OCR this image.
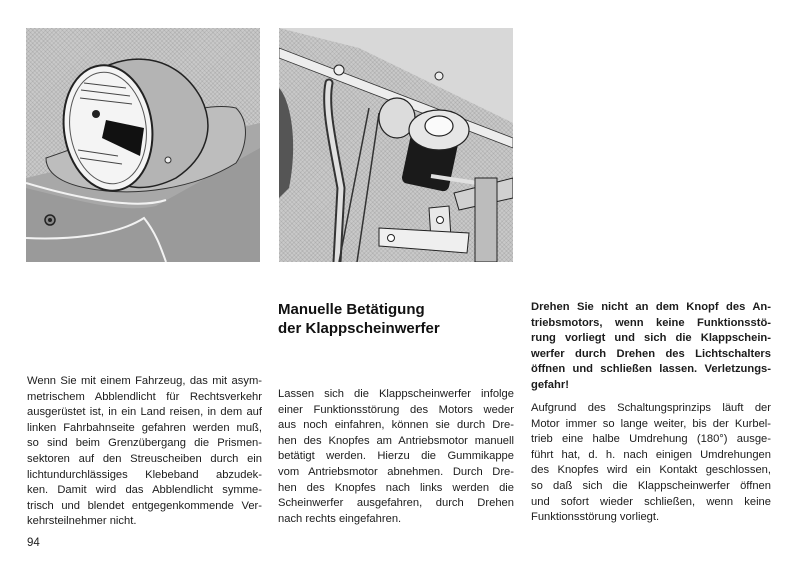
Manuelle Betätigung
der Klappscheinwerfer

Wenn Sie mit einem Fahrzeug, das mit asym-
metrischem Abblendlicht für Rechtsverkehr
ausgerüstet ist, in ein Land reisen, in dem auf
linken Fahrbahnseite gefahren werden muß,
so sind beim Grenzübergang die Prismen-
sektoren auf den Streuscheiben durch ein
lichtundurchlässiges Klebeband abzudek-
ken. Damit wird das Abblendlicht symme-
trisch und blendet entgegenkommende Ver-
kehrsteilnehmer nicht.

Lassen sich die Klappscheinwerfer infolge
einer Funktionsstörung des Motors weder
aus noch einfahren, können sie durch Dre-
hen des Knopfes am Antriebsmotor manuell
betätigt werden. Hierzu die Gummikappe
vom Antriebsmotor abnehmen. Durch Dre-
hen des Knopfes nach links werden die
Scheinwerfer ausgefahren, durch Drehen
nach rechts eingefahren.

Drehen Sie nicht an dem Knopf des An-
triebsmotors, wenn keine Funktionsstö-
rung vorliegt und sich die Klappschein-
werfer durch Drehen des Lichtschalters
öffnen und schließen lassen. Verletzungs-
gefahr!

Aufgrund des Schaltungsprinzips läuft der
Motor immer so lange weiter, bis der Kurbel-
trieb eine halbe Umdrehung (180°) ausge-
führt hat, d. h. nach einigen Umdrehungen
des Knopfes wird ein Kontakt geschlossen,
so daß sich die Klappscheinwerfer öffnen
und sofort wieder schließen, wenn keine
Funktionsstörung vorliegt.

94
